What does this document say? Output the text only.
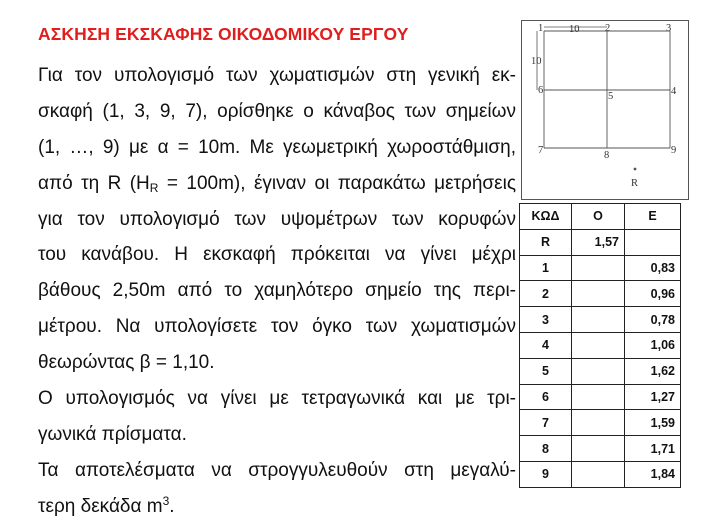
ΑΣΚΗΣΗ ΕΚΣΚΑΦΗΣ ΟΙΚΟΔΟΜΙΚΟΥ ΕΡΓΟΥ
Για τον υπολογισμό των χωματισμών στη γενική εκ-
σκαφή (1, 3, 9, 7), ορίσθηκε ο κάναβος των σημείων
(1, …, 9) με α = 10m. Με γεωμετρική χωροστάθμιση,
από τη R $(H_R = 100m)$, έγιναν οι παρακάτω μετρήσεις
για τον υπολογισμό των υψομέτρων των κορυφών
του κανάβου. Η εκσκαφή πρόκειται να γίνει μέχρι
βάθους 2,50m από το χαμηλότερο σημείο της περι-
μέτρου. Να υπολογίσετε τον όγκο των χωματισμών
θεωρώντας β = 1,10.
Ο υπολογισμός να γίνει με τετραγωνικά και με τρι-
γωνικά πρίσματα.
Τα αποτελέσματα να στρογγυλευθούν στη μεγαλύ-
τερη δεκάδα $m^3$.
10
10
1	2	3
4
5
6
7	8	9
R
ΚΩΔ	Ο	Ε
R	1,57	
1		0,83
2		0,96
3		0,78
4		1,06
5		1,62
6		1,27
7		1,59
8		1,71
9		1,84
